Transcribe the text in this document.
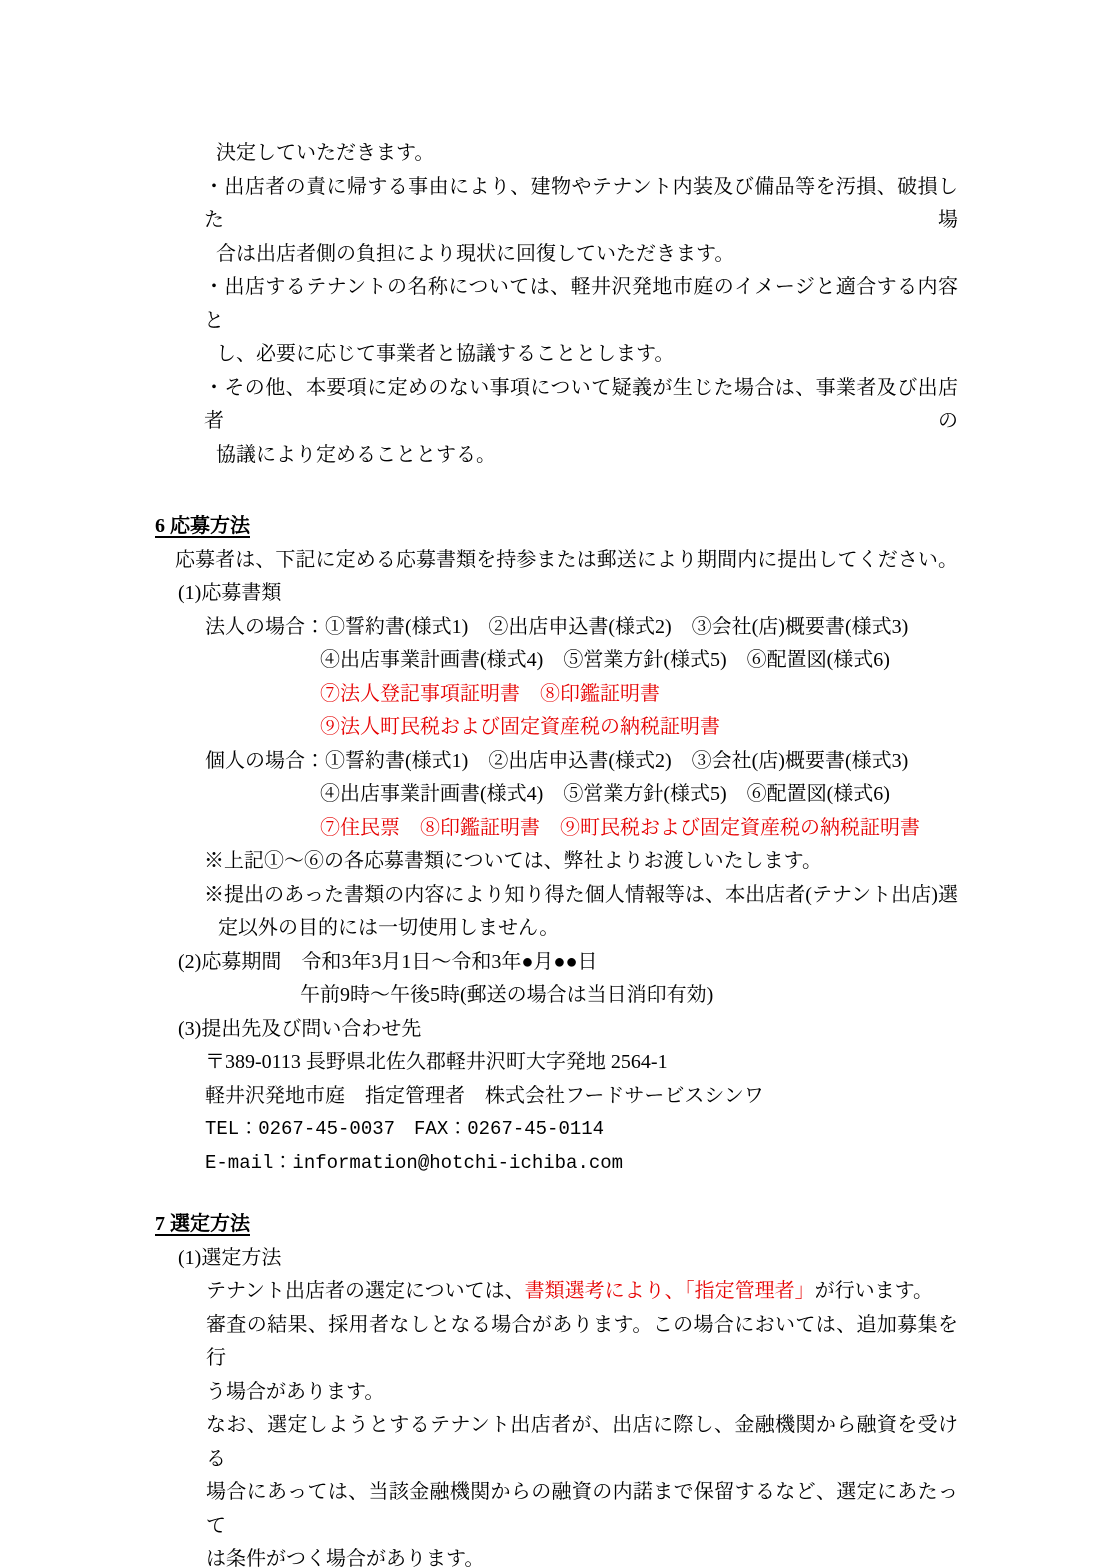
決定していただきます。
・出店者の責に帰する事由により、建物やテナント内装及び備品等を汚損、破損した場
合は出店者側の負担により現状に回復していただきます。
・出店するテナントの名称については、軽井沢発地市庭のイメージと適合する内容と
し、必要に応じて事業者と協議することとします。
・その他、本要項に定めのない事項について疑義が生じた場合は、事業者及び出店者の
協議により定めることとする。
6 応募方法
応募者は、下記に定める応募書類を持参または郵送により期間内に提出してください。
(1)応募書類
法人の場合：①誓約書(様式1)　②出店申込書(様式2)　③会社(店)概要書(様式3)
④出店事業計画書(様式4)　⑤営業方針(様式5)　⑥配置図(様式6)
⑦法人登記事項証明書　⑧印鑑証明書
⑨法人町民税および固定資産税の納税証明書
個人の場合：①誓約書(様式1)　②出店申込書(様式2)　③会社(店)概要書(様式3)
④出店事業計画書(様式4)　⑤営業方針(様式5)　⑥配置図(様式6)
⑦住民票　⑧印鑑証明書　⑨町民税および固定資産税の納税証明書
※上記①～⑥の各応募書類については、弊社よりお渡しいたします。
※提出のあった書類の内容により知り得た個人情報等は、本出店者(テナント出店)選
定以外の目的には一切使用しません。
(2)応募期間　令和3年3月1日～令和3年●月●●日
午前9時～午後5時(郵送の場合は当日消印有効)
(3)提出先及び問い合わせ先
〒389-0113 長野県北佐久郡軽井沢町大字発地 2564-1
軽井沢発地市庭　指定管理者　株式会社フードサービスシンワ
TEL：0267-45-0037　FAX：0267-45-0114
E-mail：information@hotchi-ichiba.com
7 選定方法
(1)選定方法
テナント出店者の選定については、書類選考により、「指定管理者」が行います。
審査の結果、採用者なしとなる場合があります。この場合においては、追加募集を行
う場合があります。
なお、選定しようとするテナント出店者が、出店に際し、金融機関から融資を受ける
場合にあっては、当該金融機関からの融資の内諾まで保留するなど、選定にあたって
は条件がつく場合があります。
